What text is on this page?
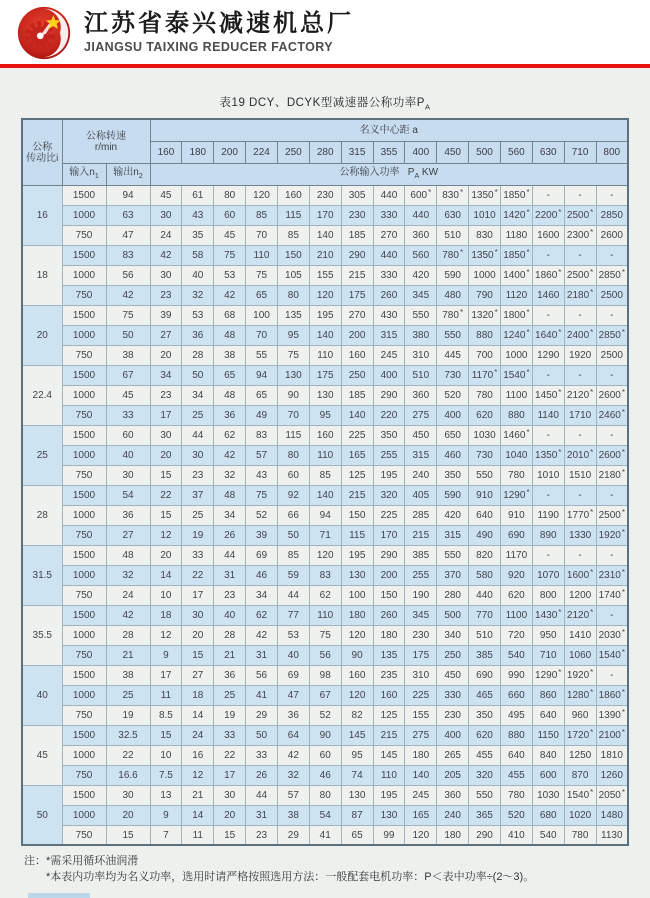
江苏省泰兴减速机总厂
JIANGSU TAIXING REDUCER FACTORY
表19 DCY、DCYK型减速器公称功率$P_A$
公称
传动比i

公称转速
r/min
	名义中心距 a
			160	180	200	224	250	280	315	355	400	450	500	560	630	710	800
	输入$n_1$	输出$n_2$	公称输入功率 $P_A$ KW														
16	1500	94	45	61	80	120	160	230	305	440	600*	830*	1350*	1850*	-	-	-
	1000	63	30	43	60	85	115	170	230	330	440	630	1010	1420*	2200*	2500*	2850
	750	47	24	35	45	70	85	140	185	270	360	510	830	1180	1600	2300*	2600
18	1500	83	42	58	75	110	150	210	290	440	560	780*	1350*	1850*	-	-	-
	1000	56	30	40	53	75	105	155	215	330	420	590	1000	1400*	1860*	2500*	2850*
	750	42	23	32	42	65	80	120	175	260	345	480	790	1120	1460	2180*	2500
20	1500	75	39	53	68	100	135	195	270	430	550	780*	1320*	1800*	-	-	-
	1000	50	27	36	48	70	95	140	200	315	380	550	880	1240*	1640*	2400*	2850*
	750	38	20	28	38	55	75	110	160	245	310	445	700	1000	1290	1920	2500
22.4	1500	67	34	50	65	94	130	175	250	400	510	730	1170*	1540*	-	-	-
	1000	45	23	34	48	65	90	130	185	290	360	520	780	1100	1450*	2120*	2600*
	750	33	17	25	36	49	70	95	140	220	275	400	620	880	1140	1710	2460*
25	1500	60	30	44	62	83	115	160	225	350	450	650	1030	1460*	-	-	-
	1000	40	20	30	42	57	80	110	165	255	315	460	730	1040	1350*	2010*	2600*
	750	30	15	23	32	43	60	85	125	195	240	350	550	780	1010	1510	2180*
28	1500	54	22	37	48	75	92	140	215	320	405	590	910	1290*	-	-	-
	1000	36	15	25	34	52	66	94	150	225	285	420	640	910	1190	1770*	2500*
	750	27	12	19	26	39	50	71	115	170	215	315	490	690	890	1330	1920*
31.5	1500	48	20	33	44	69	85	120	195	290	385	550	820	1170	-	-	-
	1000	32	14	22	31	46	59	83	130	200	255	370	580	920	1070	1600*	2310*
	750	24	10	17	23	34	44	62	100	150	190	280	440	620	800	1200	1740*
35.5	1500	42	18	30	40	62	77	110	180	260	345	500	770	1100	1430*	2120*	-
	1000	28	12	20	28	42	53	75	120	180	230	340	510	720	950	1410	2030*
	750	21	9	15	21	31	40	56	90	135	175	250	385	540	710	1060	1540*
40	1500	38	17	27	36	56	69	98	160	235	310	450	690	990	1290*	1920*	-
	1000	25	11	18	25	41	47	67	120	160	225	330	465	660	860	1280*	1860*
	750	19	8.5	14	19	29	36	52	82	125	155	230	350	495	640	960	1390*
45	1500	32.5	15	24	33	50	64	90	145	215	275	400	620	880	1150	1720*	2100*
	1000	22	10	16	22	33	42	60	95	145	180	265	455	640	840	1250	1810
	750	16.6	7.5	12	17	26	32	46	74	110	140	205	320	455	600	870	1260
50	1500	30	13	21	30	44	57	80	130	195	245	360	550	780	1030	1540*	2050*
	1000	20	9	14	20	31	38	54	87	130	165	240	365	520	680	1020	1480
	750	15	7	11	15	23	29	41	65	99	120	180	290	410	540	780	1130
注：*需采用循环油润滑
*本表内功率均为名义功率，选用时请严格按照选用方法：一般配套电机功率：P＜表中功率÷(2～3)。
